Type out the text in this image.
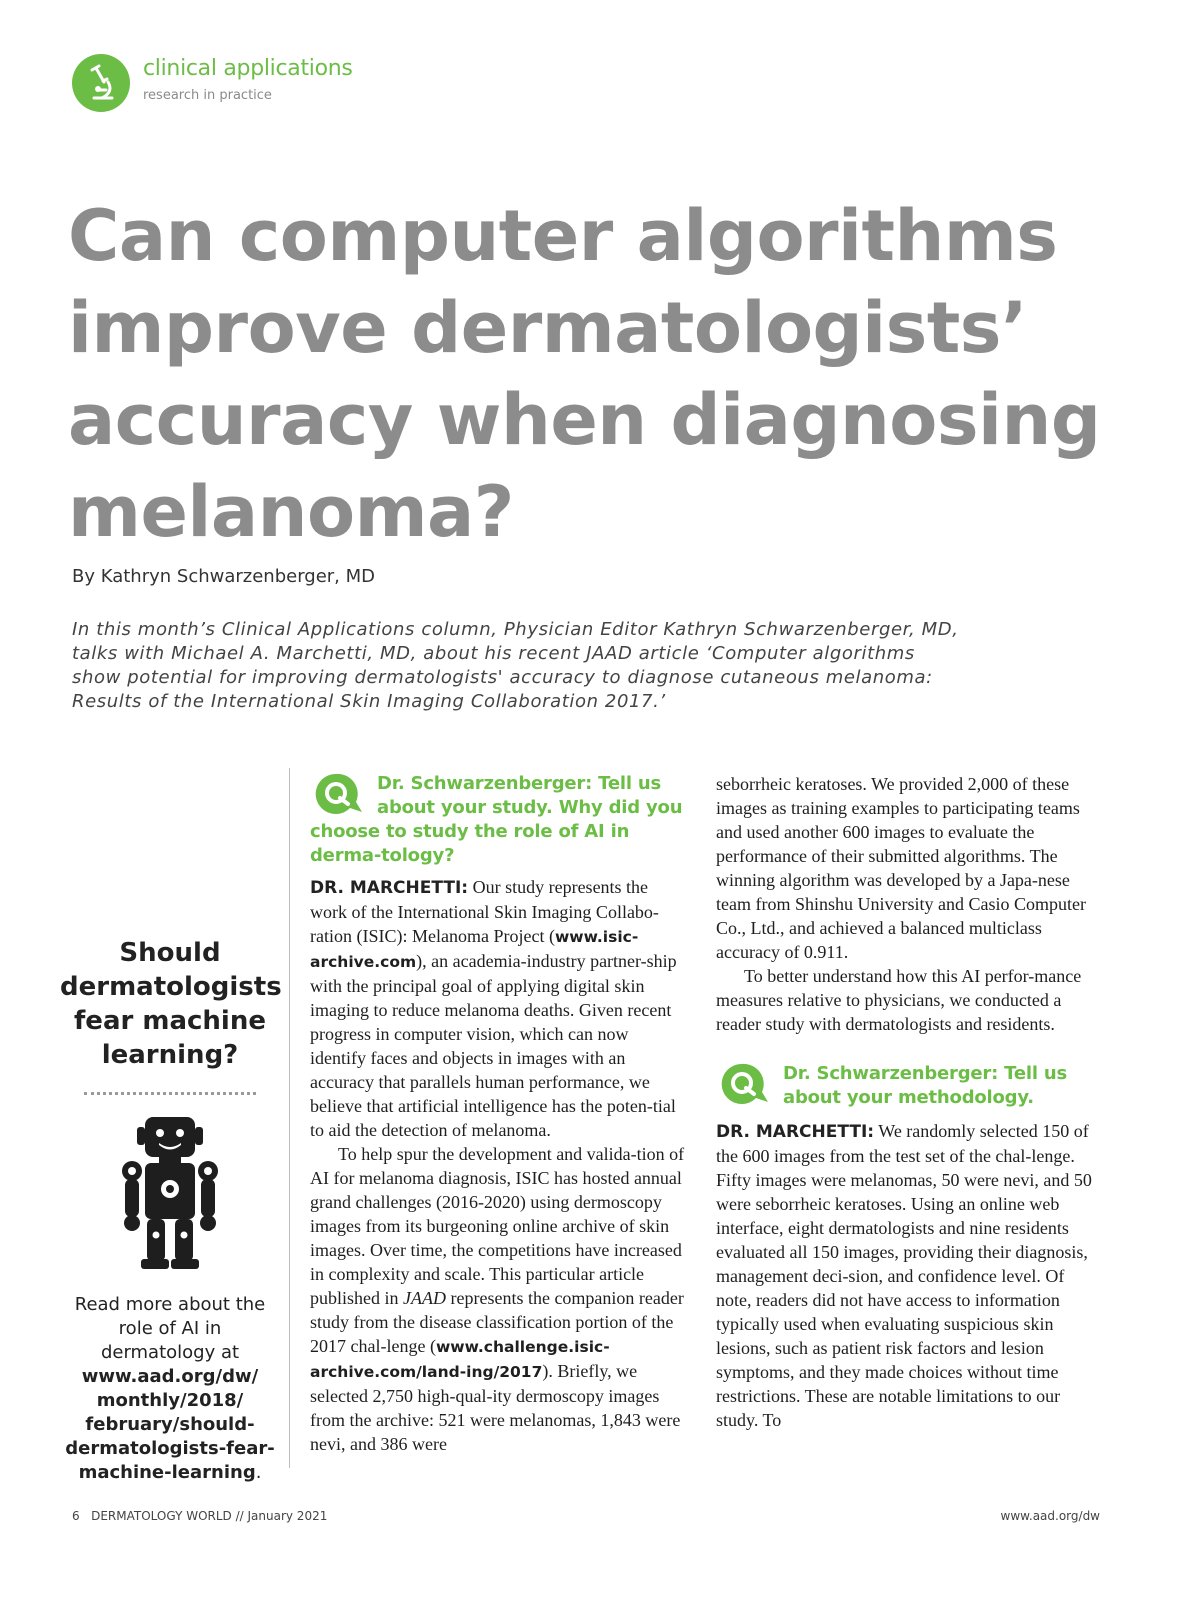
clinical applications
research in practice
Can computer algorithms
improve dermatologists’
accuracy when diagnosing
melanoma?
By Kathryn Schwarzenberger, MD
In this month’s Clinical Applications column, Physician Editor Kathryn Schwarzenberger, MD,
talks with Michael A. Marchetti, MD, about his recent JAAD article ‘Computer algorithms
show potential for improving dermatologists' accuracy to diagnose cutaneous melanoma:
Results of the International Skin Imaging Collaboration 2017.’
Should
dermatologists
fear machine
learning?
Read more about the role of AI in dermatology at
www.aad.org/dw/
monthly/2018/
february/should-
dermatologists-fear-
machine-learning.
Dr. Schwarzenberger: Tell us
about your study. Why did you
choose to study the role of AI in derma-tology?

DR. MARCHETTI: Our study represents the work of the International Skin Imaging Collabo-ration (ISIC): Melanoma Project (www.isic-archive.com), an academia-industry partner-ship with the principal goal of applying digital skin imaging to reduce melanoma deaths. Given recent progress in computer vision, which can now identify faces and objects in images with an accuracy that parallels human performance, we believe that artificial intelligence has the poten-tial to aid the detection of melanoma.

To help spur the development and valida-tion of AI for melanoma diagnosis, ISIC has hosted annual grand challenges (2016-2020) using dermoscopy images from its burgeoning online archive of skin images. Over time, the competitions have increased in complexity and scale. This particular article published in JAAD represents the companion reader study from the disease classification portion of the 2017 chal-lenge (www.challenge.isic-archive.com/land-ing/2017). Briefly, we selected 2,750 high-qual-ity dermoscopy images from the archive: 521 were melanomas, 1,843 were nevi, and 386 were

seborrheic keratoses. We provided 2,000 of these images as training examples to participating teams and used another 600 images to evaluate the performance of their submitted algorithms. The winning algorithm was developed by a Japa-nese team from Shinshu University and Casio Computer Co., Ltd., and achieved a balanced multiclass accuracy of 0.911.

To better understand how this AI perfor-mance measures relative to physicians, we conducted a reader study with dermatologists and residents.

Dr. Schwarzenberger: Tell us
about your methodology.

DR. MARCHETTI: We randomly selected 150 of the 600 images from the test set of the chal-lenge. Fifty images were melanomas, 50 were nevi, and 50 were seborrheic keratoses. Using an online web interface, eight dermatologists and nine residents evaluated all 150 images, providing their diagnosis, management deci-sion, and confidence level. Of note, readers did not have access to information typically used when evaluating suspicious skin lesions, such as patient risk factors and lesion symptoms, and they made choices without time restrictions. These are notable limitations to our study. To

6 DERMATOLOGY WORLD // January 2021	www.aad.org/dw
